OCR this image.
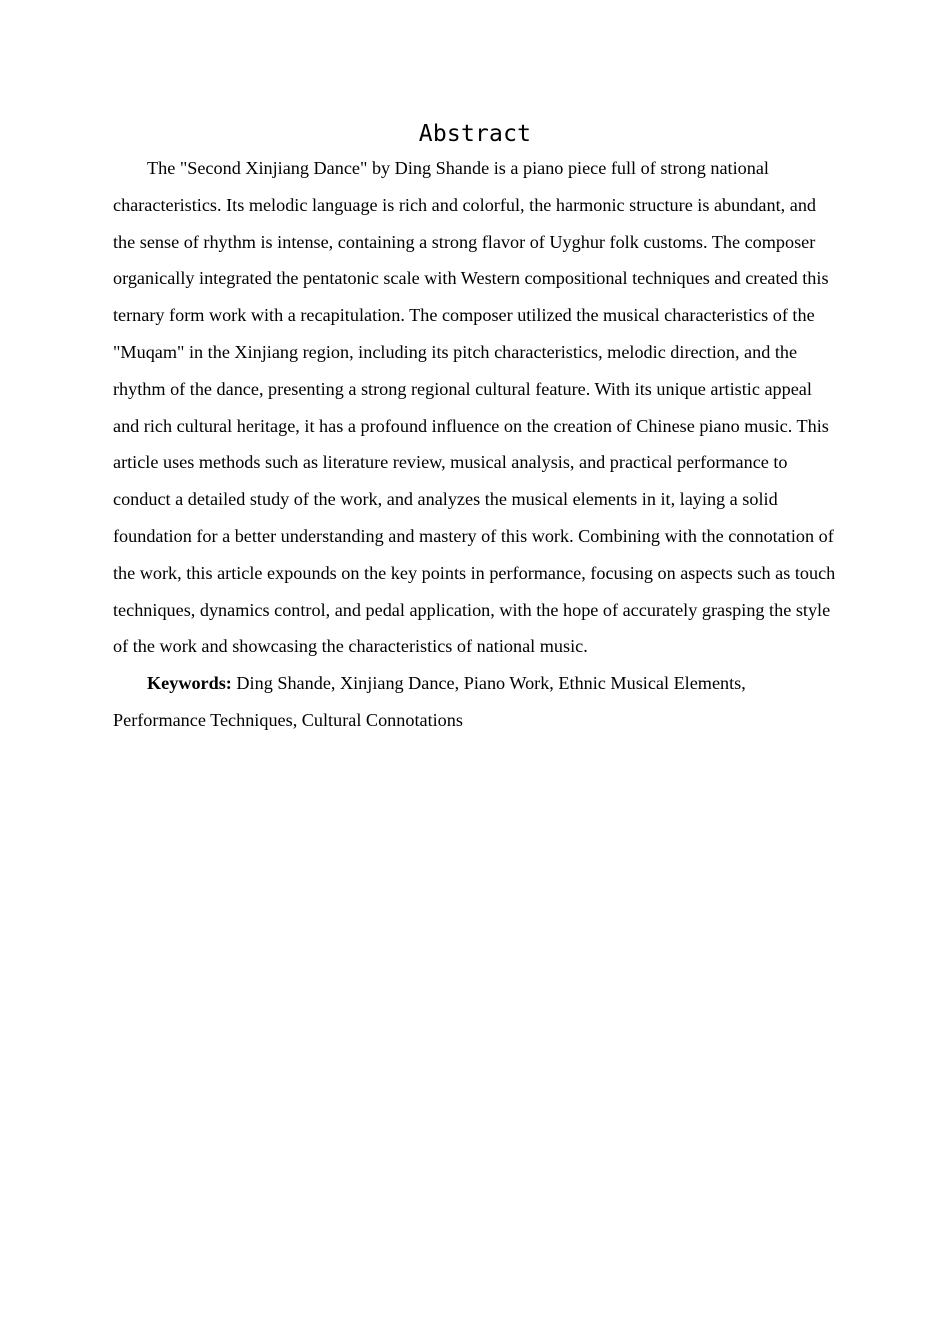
Abstract

The "Second Xinjiang Dance" by Ding Shande is a piano piece full of strong national characteristics. Its melodic language is rich and colorful, the harmonic structure is abundant, and the sense of rhythm is intense, containing a strong flavor of Uyghur folk customs. The composer organically integrated the pentatonic scale with Western compositional techniques and created this ternary form work with a recapitulation. The composer utilized the musical characteristics of the "Muqam" in the Xinjiang region, including its pitch characteristics, melodic direction, and the rhythm of the dance, presenting a strong regional cultural feature. With its unique artistic appeal and rich cultural heritage, it has a profound influence on the creation of Chinese piano music. This article uses methods such as literature review, musical analysis, and practical performance to conduct a detailed study of the work, and analyzes the musical elements in it, laying a solid foundation for a better understanding and mastery of this work. Combining with the connotation of the work, this article expounds on the key points in performance, focusing on aspects such as touch techniques, dynamics control, and pedal application, with the hope of accurately grasping the style of the work and showcasing the characteristics of national music.

Keywords: Ding Shande, Xinjiang Dance, Piano Work, Ethnic Musical Elements, Performance Techniques, Cultural Connotations
